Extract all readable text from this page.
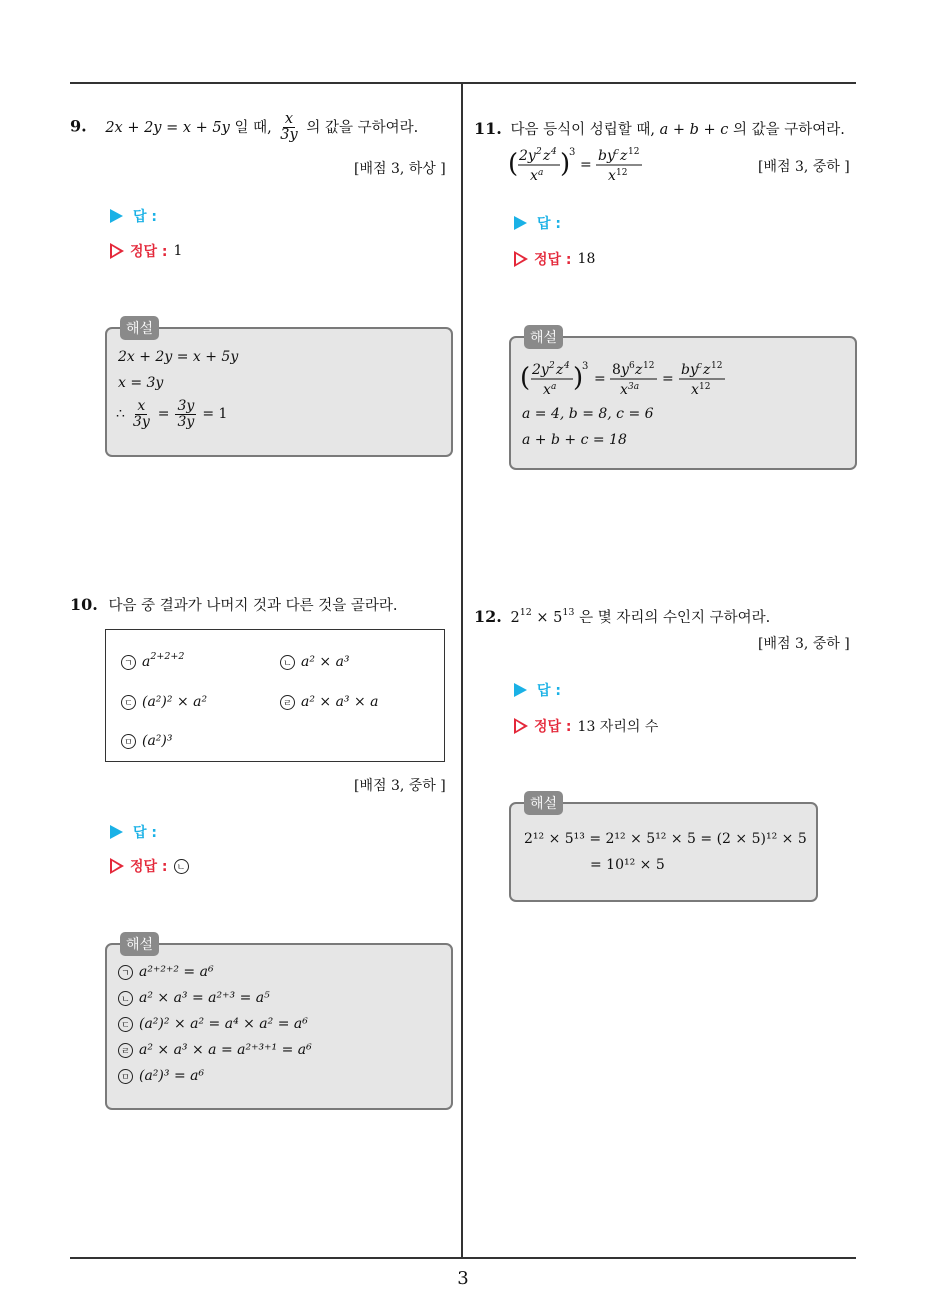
3
9. 2x + 2y = x + 5y 일 때, $\frac{x}{3y}$ 의 값을 구하여라.
[배점 3, 하상 ]
답 :
정답 : 1
해설
2x + 2y = x + 5y
x = 3y
∴ $\frac{x}{3y} = \frac{3y}{3y} = 1$
10. 다음 중 결과가 나머지 것과 다른 것을 골라라.
ㄱ $a^{2+2+2}$
ㄴ a² × a³
ㄷ (a²)² × a²	ㄹ a² × a³ × a
ㅁ (a²)³
[배점 3, 중하 ]
답 :
정답 :	ㄴ
해설
ㄱ a²⁺²⁺² = a⁶
ㄴ a² × a³ = a²⁺³ = a⁵
ㄷ (a²)² × a² = a⁴ × a² = a⁶
ㄹ a² × a³ × a = a²⁺³⁺¹ = a⁶
ㅁ (a²)³ = a⁶
11. 다음 등식이 성립할 때, a + b + c 의 값을 구하여라.
( 2y 2 z 4
x a )
3
=
by c z 12
x 12	[배점 3, 중하 ]
답 :
정답 : 18
해설
( 2y 2 z 4
x a )
3
=
8 y 6 z 12
x 3a =
by c z 12
x 12
a = 4, b = 8, c = 6
a + b + c = 18
12. $2^{12} \times 5^{13}$ 은 몇 자리의 수인지 구하여라.
[배점 3, 중하 ]
답 :
정답 : 13 자리의 수
해설
2¹² × 5¹³ = 2¹² × 5¹² × 5 = (2 × 5)¹² × 5
= 10¹² × 5
